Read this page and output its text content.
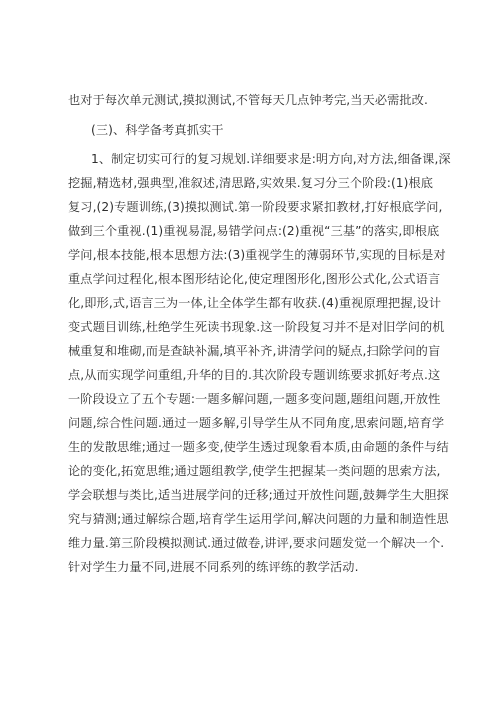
也对于每次单元测试,摸拟测试,不管每天几点钟考完,当天必需批改.
(三)、科学备考真抓实干
1、制定切实可行的复习规划.详细要求是:明方向,对方法,细备课,深
挖掘,精选材,强典型,准叙述,清思路,实效果.复习分三个阶段:(1)根底
复习,(2)专题训练,(3)摸拟测试.第一阶段要求紧扣教材,打好根底学问,
做到三个重视.(1)重视易混,易错学问点:(2)重视“三基”的落实,即根底
学问,根本技能,根本思想方法:(3)重视学生的薄弱环节,实现的目标是对
重点学问过程化,根本图形结论化,使定理图形化,图形公式化,公式语言
化,即形,式,语言三为一体,让全体学生都有收获.(4)重视原理把握,设计
变式题目训练,杜绝学生死读书现象.这一阶段复习并不是对旧学问的机
械重复和堆砌,而是查缺补漏,填平补齐,讲清学问的疑点,扫除学问的盲
点,从而实现学问重组,升华的目的.其次阶段专题训练要求抓好考点.这
一阶段设立了五个专题:一题多解问题,一题多变问题,题组问题,开放性
问题,综合性问题.通过一题多解,引导学生从不同角度,思索问题,培育学
生的发散思维;通过一题多变,使学生透过现象看本质,由命题的条件与结
论的变化,拓宽思维;通过题组教学,使学生把握某一类问题的思索方法,
学会联想与类比,适当进展学问的迁移;通过开放性问题,鼓舞学生大胆探
究与猜测;通过解综合题,培育学生运用学问,解决问题的力量和制造性思
维力量.第三阶段模拟测试.通过做卷,讲评,要求问题发觉一个解决一个.
针对学生力量不同,进展不同系列的练评练的教学活动.
